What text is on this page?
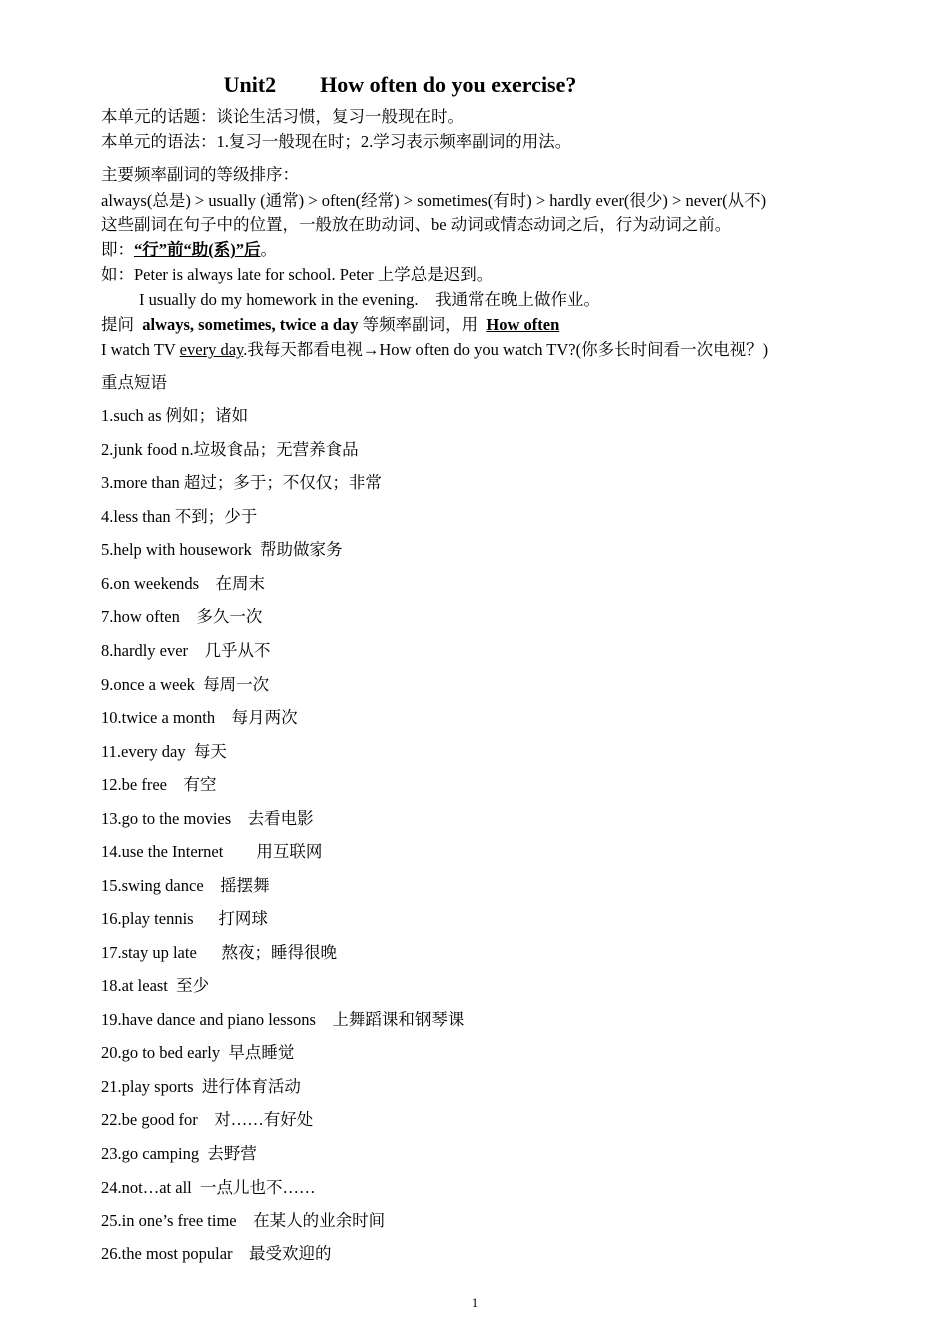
Unit2        How often do you exercise?
本单元的话题：谈论生活习惯，复习一般现在时。
本单元的语法：1.复习一般现在时；2.学习表示频率副词的用法。
主要频率副词的等级排序：
always(总是) > usually (通常) > often(经常) > sometimes(有时) > hardly ever(很少) > never(从不)
这些副词在句子中的位置，一般放在助动词、be 动词或情态动词之后，行为动词之前。
即：“行”前“助(系)”后。
如：Peter is always late for school. Peter 上学总是迟到。
I usually do my homework in the evening.    我通常在晚上做作业。
提问  always, sometimes, twice a day 等频率副词，用  How often
I watch TV every day.我每天都看电视→How often do you watch TV?(你多长时间看一次电视？)
重点短语
1.such as 例如；诸如
2.junk food n.垃圾食品；无营养食品
3.more than 超过；多于；不仅仅；非常
4.less than 不到；少于
5.help with housework  帮助做家务
6.on weekends    在周末
7.how often    多久一次
8.hardly ever    几乎从不
9.once a week  每周一次
10.twice a month    每月两次
11.every day  每天
12.be free    有空
13.go to the movies    去看电影
14.use the Internet        用互联网
15.swing dance    摇摆舞
16.play tennis      打网球
17.stay up late      熬夜；睡得很晚
18.at least  至少
19.have dance and piano lessons    上舞蹈课和钢琴课
20.go to bed early  早点睡觉
21.play sports  进行体育活动
22.be good for    对……有好处
23.go camping  去野营
24.not…at all  一点儿也不……
25.in one’s free time    在某人的业余时间
26.the most popular    最受欢迎的
1
